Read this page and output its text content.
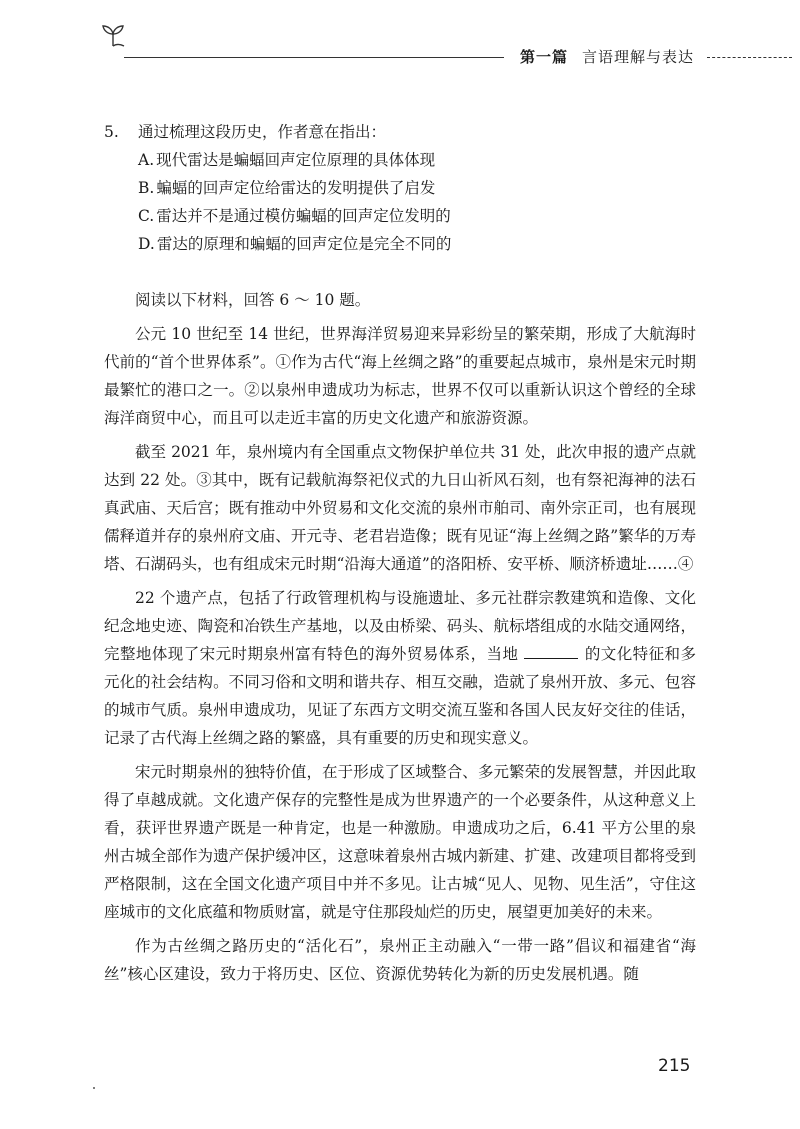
第一篇 言语理解与表达
5.	通过梳理这段历史，作者意在指出：
A. 现代雷达是蝙蝠回声定位原理的具体体现
B. 蝙蝠的回声定位给雷达的发明提供了启发
C. 雷达并不是通过模仿蝙蝠的回声定位发明的
D. 雷达的原理和蝙蝠的回声定位是完全不同的

阅读以下材料，回答 6 ～ 10 题。

公元 10 世纪至 14 世纪，世界海洋贸易迎来异彩纷呈的繁荣期，形成了大航海时代前的“首个世界体系”。①作为古代“海上丝绸之路”的重要起点城市，泉州是宋元时期最繁忙的港口之一。②以泉州申遗成功为标志，世界不仅可以重新认识这个曾经的全球海洋商贸中心，而且可以走近丰富的历史文化遗产和旅游资源。

截至 2021 年，泉州境内有全国重点文物保护单位共 31 处，此次申报的遗产点就达到 22 处。③其中，既有记载航海祭祀仪式的九日山祈风石刻，也有祭祀海神的法石真武庙、天后宫；既有推动中外贸易和文化交流的泉州市舶司、南外宗正司，也有展现儒释道并存的泉州府文庙、开元寺、老君岩造像；既有见证“海上丝绸之路”繁华的万寿塔、石湖码头，也有组成宋元时期“沿海大通道”的洛阳桥、安平桥、顺济桥遗址……④

22 个遗产点，包括了行政管理机构与设施遗址、多元社群宗教建筑和造像、文化纪念地史迹、陶瓷和冶铁生产基地，以及由桥梁、码头、航标塔组成的水陆交通网络，完整地体现了宋元时期泉州富有特色的海外贸易体系，当地	的文化特征和多元化的社会结构。不同习俗和文明和谐共存、相互交融，造就了泉州开放、多元、包容的城市气质。泉州申遗成功，见证了东西方文明交流互鉴和各国人民友好交往的佳话，记录了古代海上丝绸之路的繁盛，具有重要的历史和现实意义。

宋元时期泉州的独特价值，在于形成了区域整合、多元繁荣的发展智慧，并因此取得了卓越成就。文化遗产保存的完整性是成为世界遗产的一个必要条件，从这种意义上看，获评世界遗产既是一种肯定，也是一种激励。申遗成功之后，6.41 平方公里的泉州古城全部作为遗产保护缓冲区，这意味着泉州古城内新建、扩建、改建项目都将受到严格限制，这在全国文化遗产项目中并不多见。让古城“见人、见物、见生活”，守住这座城市的文化底蕴和物质财富，就是守住那段灿烂的历史，展望更加美好的未来。

作为古丝绸之路历史的“活化石”，泉州正主动融入“一带一路”倡议和福建省“海丝”核心区建设，致力于将历史、区位、资源优势转化为新的历史发展机遇。随

215
